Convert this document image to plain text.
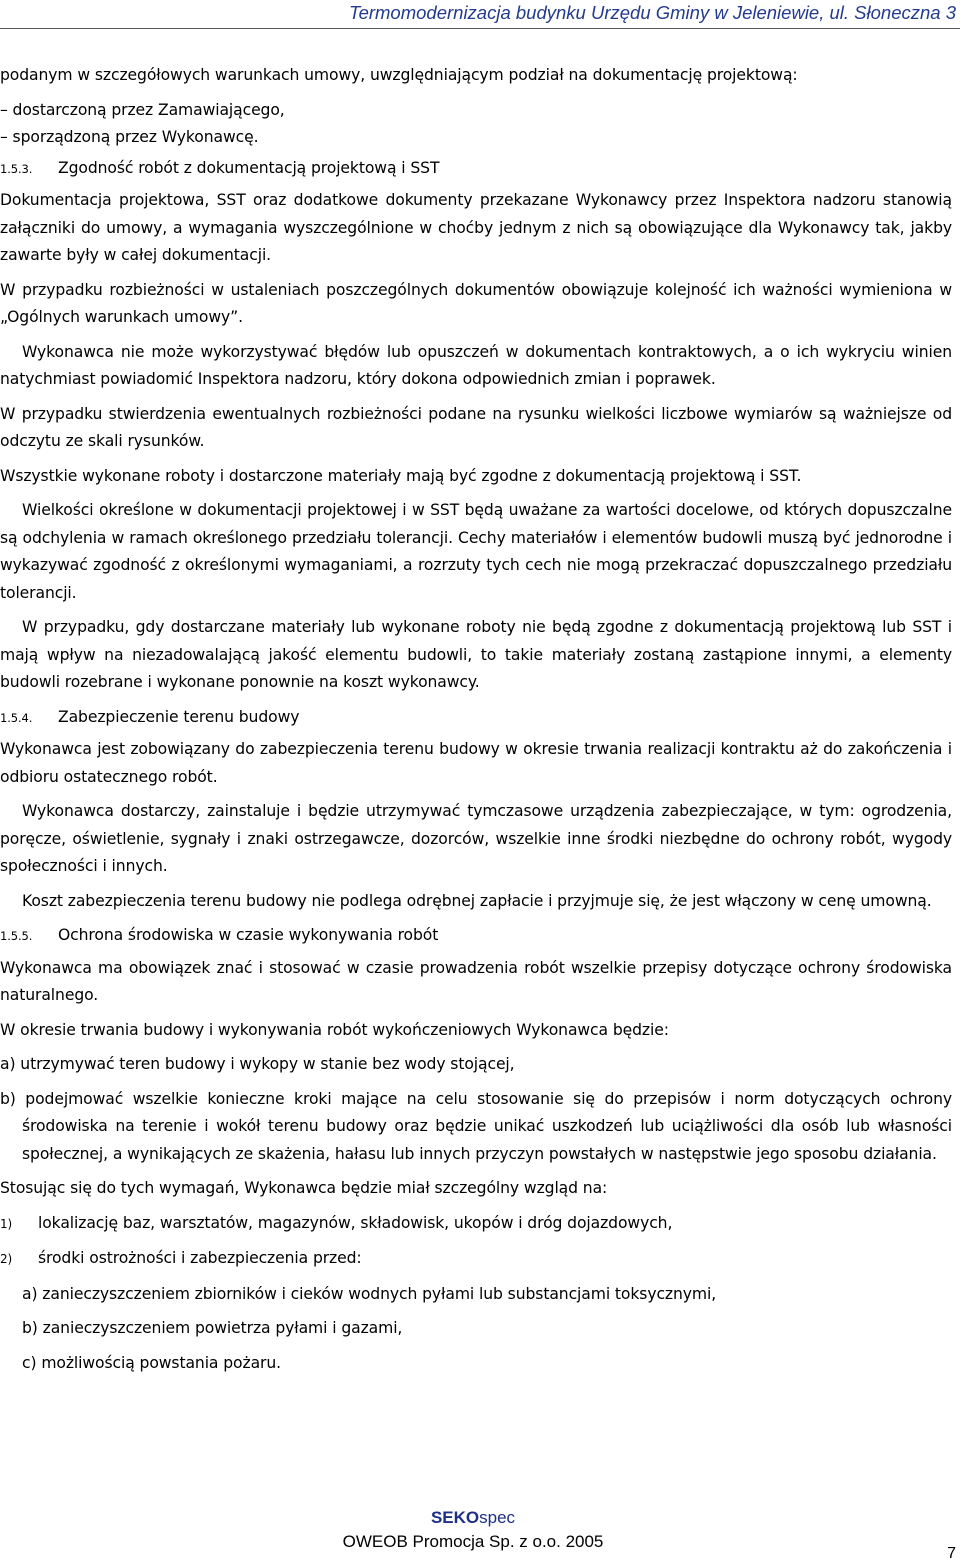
Termomodernizacja budynku Urzędu Gminy w Jeleniewie, ul. Słoneczna 3

podanym w szczegółowych warunkach umowy, uwzględniającym podział na dokumentację projektową:

– dostarczoną przez Zamawiającego,

– sporządzoną przez Wykonawcę.

1.5.3. Zgodność robót z dokumentacją projektową i SST

Dokumentacja projektowa, SST oraz dodatkowe dokumenty przekazane Wykonawcy przez Inspektora nadzoru stanowią załączniki do umowy, a wymagania wyszczególnione w choćby jednym z nich są obowiązujące dla Wykonawcy tak, jakby zawarte były w całej dokumentacji.

W przypadku rozbieżności w ustaleniach poszczególnych dokumentów obowiązuje kolejność ich ważności wymieniona w „Ogólnych warunkach umowy”.

Wykonawca nie może wykorzystywać błędów lub opuszczeń w dokumentach kontraktowych, a o ich wykryciu winien natychmiast powiadomić Inspektora nadzoru, który dokona odpowiednich zmian i poprawek.

W przypadku stwierdzenia ewentualnych rozbieżności podane na rysunku wielkości liczbowe wymiarów są ważniejsze od odczytu ze skali rysunków.

Wszystkie wykonane roboty i dostarczone materiały mają być zgodne z dokumentacją projektową i SST.

Wielkości określone w dokumentacji projektowej i w SST będą uważane za wartości docelowe, od których dopuszczalne są odchylenia w ramach określonego przedziału tolerancji. Cechy materiałów i elementów budowli muszą być jednorodne i wykazywać zgodność z określonymi wymaganiami, a rozrzuty tych cech nie mogą przekraczać dopuszczalnego przedziału tolerancji.

W przypadku, gdy dostarczane materiały lub wykonane roboty nie będą zgodne z dokumentacją projektową lub SST i mają wpływ na niezadowalającą jakość elementu budowli, to takie materiały zostaną zastąpione innymi, a elementy budowli rozebrane i wykonane ponownie na koszt wykonawcy.

1.5.4. Zabezpieczenie terenu budowy

Wykonawca jest zobowiązany do zabezpieczenia terenu budowy w okresie trwania realizacji kontraktu aż do zakończenia i odbioru ostatecznego robót.

Wykonawca dostarczy, zainstaluje i będzie utrzymywać tymczasowe urządzenia zabezpieczające, w tym: ogrodzenia, poręcze, oświetlenie, sygnały i znaki ostrzegawcze, dozorców, wszelkie inne środki niezbędne do ochrony robót, wygody społeczności i innych.

Koszt zabezpieczenia terenu budowy nie podlega odrębnej zapłacie i przyjmuje się, że jest włączony w cenę umowną.

1.5.5. Ochrona środowiska w czasie wykonywania robót

Wykonawca ma obowiązek znać i stosować w czasie prowadzenia robót wszelkie przepisy dotyczące ochrony środowiska naturalnego.

W okresie trwania budowy i wykonywania robót wykończeniowych Wykonawca będzie:

a) utrzymywać teren budowy i wykopy w stanie bez wody stojącej,

b) podejmować wszelkie konieczne kroki mające na celu stosowanie się do przepisów i norm dotyczących ochrony środowiska na terenie i wokół terenu budowy oraz będzie unikać uszkodzeń lub uciążliwości dla osób lub własności społecznej, a wynikających ze skażenia, hałasu lub innych przyczyn powstałych w następstwie jego sposobu działania.

Stosując się do tych wymagań, Wykonawca będzie miał szczególny wzgląd na:

1) lokalizację baz, warsztatów, magazynów, składowisk, ukopów i dróg dojazdowych,

2) środki ostrożności i zabezpieczenia przed:

a) zanieczyszczeniem zbiorników i cieków wodnych pyłami lub substancjami toksycznymi,

b) zanieczyszczeniem powietrza pyłami i gazami,

c) możliwością powstania pożaru.

SEKOspec
OWEOB Promocja Sp. z o.o. 2005
7
